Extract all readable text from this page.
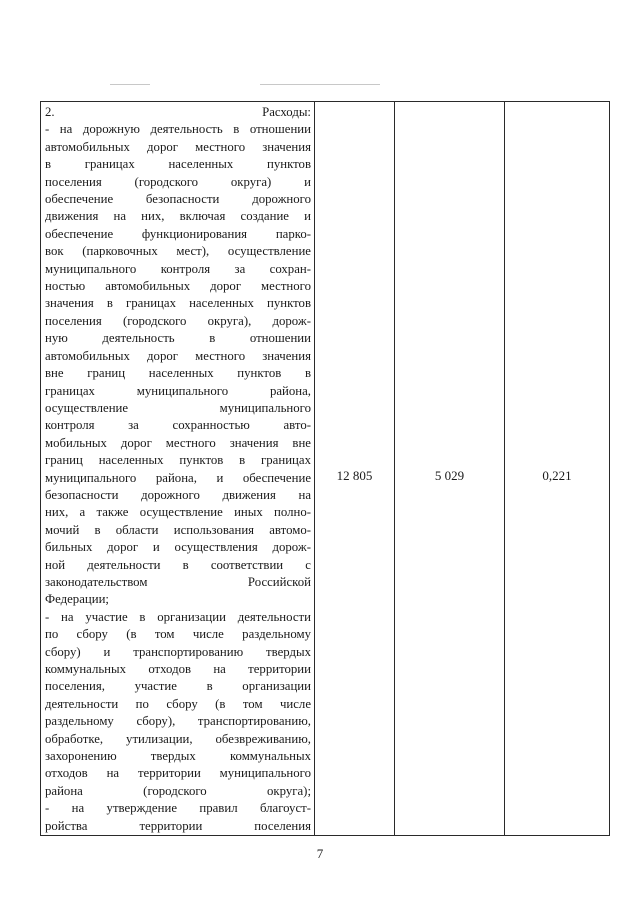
2. Расходы:
- на дорожную деятельность в отношении
автомобильных дорог местного значения
в границах населенных пунктов
поселения (городского округа) и
обеспечение безопасности дорожного
движения на них, включая создание и
обеспечение функционирования парко-
вок (парковочных мест), осуществление
муниципального контроля за сохран-
ностью автомобильных дорог местного
значения в границах населенных пунктов
поселения (городского округа), дорож-
ную деятельность в отношении
автомобильных дорог местного значения
вне границ населенных пунктов в
границах муниципального района,
осуществление муниципального
контроля за сохранностью авто-
мобильных дорог местного значения вне
границ населенных пунктов в границах
муниципального района, и обеспечение
безопасности дорожного движения на
них, а также осуществление иных полно-
мочий в области использования автомо-
бильных дорог и осуществления дорож-
ной деятельности в соответствии с
законодательством Российской
Федерации;
- на участие в организации деятельности
по сбору (в том числе раздельному
сбору) и транспортированию твердых
коммунальных отходов на территории
поселения, участие в организации
деятельности по сбору (в том числе
раздельному сбору), транспортированию,
обработке, утилизации, обезвреживанию,
захоронению твердых коммунальных
отходов на территории муниципального
района (городского округа);
- на утверждение правил благоуст-
ройства территории поселения
	12 805	5 029	0,221
7
